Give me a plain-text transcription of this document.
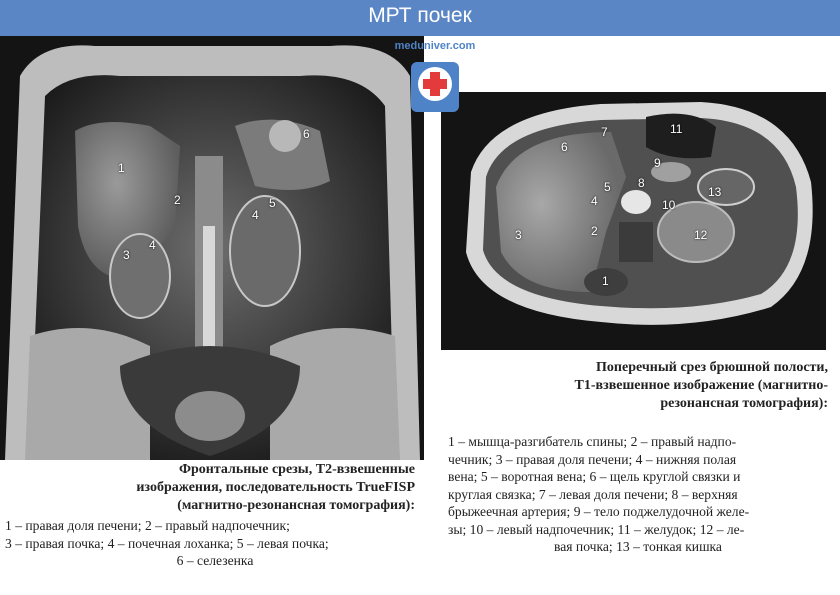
МРТ почек
1
2
3
4
4
5
6
1
2
3
4
5
6
7
8
9
10
11
12
13
meduniver.com
Фронтальные срезы, Т2-взвешенные
изображения, последовательность TrueFISP
(магнитно-резонансная томография):
1 – правая доля печени; 2 – правый надпочечник;
3 – правая почка; 4 – почечная лоханка; 5 – левая почка;
6 – селезенка
Поперечный срез брюшной полости,
Т1-взвешенное изображение (магнитно-
резонансная томография):
1 – мышца-разгибатель спины; 2 – правый надпо-
чечник; 3 – правая доля печени; 4 – нижняя полая
вена; 5 – воротная вена; 6 – щель круглой связки и
круглая связка; 7 – левая доля печени; 8 – верхняя
брыжеечная артерия; 9 – тело поджелудочной желе-
зы; 10 – левый надпочечник; 11 – желудок; 12 – ле-
вая почка; 13 – тонкая кишка
